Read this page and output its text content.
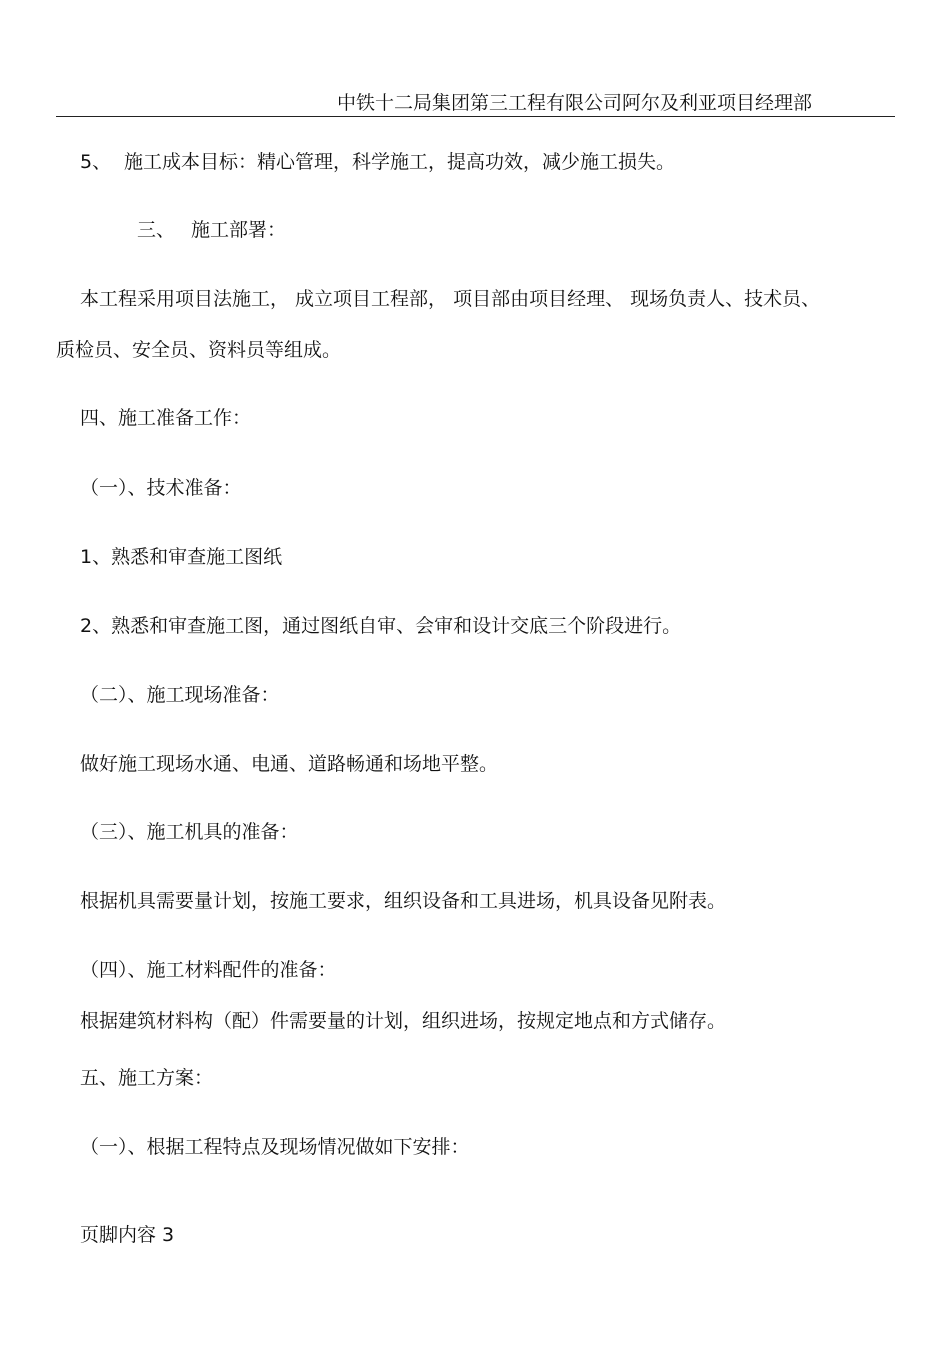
中铁十二局集团第三工程有限公司阿尔及利亚项目经理部
5、 施工成本目标：精心管理，科学施工，提高功效，减少施工损失。
三、 施工部署：
本工程采用项目法施工， 成立项目工程部， 项目部由项目经理、 现场负责人、技术员、
质检员、安全员、资料员等组成。
四、施工准备工作：
（一）、技术准备：
1、熟悉和审查施工图纸
2、熟悉和审查施工图，通过图纸自审、会审和设计交底三个阶段进行。
（二）、施工现场准备：
做好施工现场水通、电通、道路畅通和场地平整。
（三）、施工机具的准备：
根据机具需要量计划，按施工要求，组织设备和工具进场，机具设备见附表。
（四）、施工材料配件的准备：
根据建筑材料构（配）件需要量的计划，组织进场，按规定地点和方式储存。
五、施工方案：
（一）、根据工程特点及现场情况做如下安排：
页脚内容 3
